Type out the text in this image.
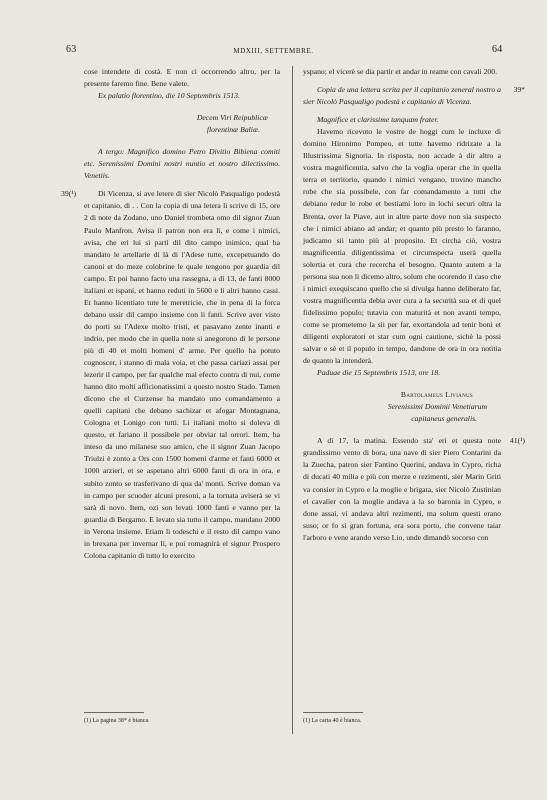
63	MDXIII, SETTEMBRE.	64

cose intendete di costà. E non ci occorrendo altro, per la presente faremo fine. Bene valete.

Ex palatio florentino, die 10 Septembris 1513.

Decem Viri Reipublicæ

florentinæ Baliæ.

A tergo: Magnifico domino Petro Divitio Bibiena comiti etc. Serenissimi Domini nostri nuntio et nostro dilectissimo. Venetiis.

39(¹)	Di Vicenza, si ave letere di sier Nicolò Pasqualigo podestà et capitanio, di . . Con la copia di una letera li scrive di 15, ore 2 di note da Zodano, uno Daniel trombeta omo dil signor Zuan Paulo Manfron. Avisa il patron non era lì, e come i nimici, avisa, che eri lui si partì dil dito campo inimico, qual ha mandato le artellarie di là di l'Adese tutte, excepetuando do canoni et do meze colobrine le quale tengono per guardia dil campo. Et poi hanno facto una rassegna, a dì 13, de fanti 8000 italiani et ispani, et hanno reduti in 5600 e li altri hanno cassi. Et hanno licentiato tute le meretricie, che in pena di la forca debano ussir dil campo insieme con li fanti. Scrive aver visto do porti su l'Adexe molto tristi, et pasavano zente inanti e indrio, per modo che in quella note si anegorono di le persone più di 40 et molti homeni d' arme. Per quello ha potuto cognoscer, i stanno di mala voia, et che passa cariazi assai per lezerir il campo, per far qualche mal efecto contra di nui, come hanno dito molti afficionatissimi a questo nostro Stado. Tamen dicono che el Curzense ha mandato uno comandamento a quelli capitani che debano sachizar et afogar Montagnana, Cologna et Lonigo con tutti. Li italiani molto si doleva di questo, et fariano il possibele per obviar tal orrori. Item, ha inteso da uno milanese suo amico, che il signor Zuan Jacopo Triulzi è zonto a Ors con 1500 homeni d'arme et fanti 6000 et 1000 arzieri, et se aspetano altri 6000 fanti di ora in ora, e subito zonto se trasferivano di qua da' monti. Scrive doman va in campo per scuoder alcuni presoni, a la tornata aviserà se vi sarà di novo. Item, ozi son levati 1000 fanti e vanno per la guardia di Bergamo. E levato sia tutto il campo, mandano 2000 in Verona insieme. Etiam li todeschi e il resto dil campo vano in brexana per invernar lì, e poi romagnirà el signor Prospero Colona capitanio di tutto lo exercito

yspano; el vicerè se dia partir et andar in reame con cavali 200.

39*

Copia de una lettera scrita per il capitanio zeneral nostro a sier Nicolò Pasqualigo podestà e capitanio di Vicenza.

Magnifice et clarissime tanquam frater.

Havemo ricevuto le vostre de hoggi cum le incluxe di domino Hironimo Pompeo, et tutte havemo ridrizate a la Illustrissima Signoria. In risposta, non accade à dir altro a vostra magnificentia, salvo che la voglia operar che in quella terra et territorio, quando i nimici vengano, trovino mancho robe che sia possibele, con far comandamento a tutti che debiano redur le robe et bestiami loro in lochi securi oltra la Brenta, over la Piave, aut in altre parte dove non sia suspecto che i nimici abiano ad andar; et quanto più presto lo faranno, judicamo sii tanto più al proposito. Et circha ciò, vostra magnificentia diligentissima et circumspecta userà quella solertia et cura che recercha el besogno. Quanto autem a la persona sua non li dicemo altro, solum che ocorendo il caso che i nimici exequiscano quello che si divulga hanno deliberato far, vostra magnificentia debia aver cura a la securità sua et di quel fidelissimo populo; tutavia con maturità et non avanti tempo, come se prometemo la sii per far, exortandola ad tenir boni et diligenti exploratori et star cum ogni cautione, sichè la possi salvar e sè et il populo in tempo, dandone de ora in ora notitia de quanto la intenderà.

Paduae die 15 Septembris 1513, ore 18.

Bartolameus Livianus

Serenissimi Dominii Venetiarum

capitaneus generalis.

41(¹)

A dì 17, la matina. Essendo sta' eri et questa note grandissimo vento di bora, una nave di sier Piero Contarini da la Zuecha, patron sier Fantino Querini, andava in Cypro, richa di ducati 40 milia e più con merze e rezimenti, sier Marin Griti va consier in Cypro e la moglie e brigata, sier Nicolò Zustinian el cavalier con la moglie andava a la so baronia in Cypro, e done assai, vi andava altri rezimenti, ma solum questi erano suso; or fo sì gran fortuna, era sora porto, che convene taiar l'arboro e vene arando verso Lio, unde dimandò socorso con

(1) La pagina 38* è bianca.	(1) La carta 40 è bianca.
